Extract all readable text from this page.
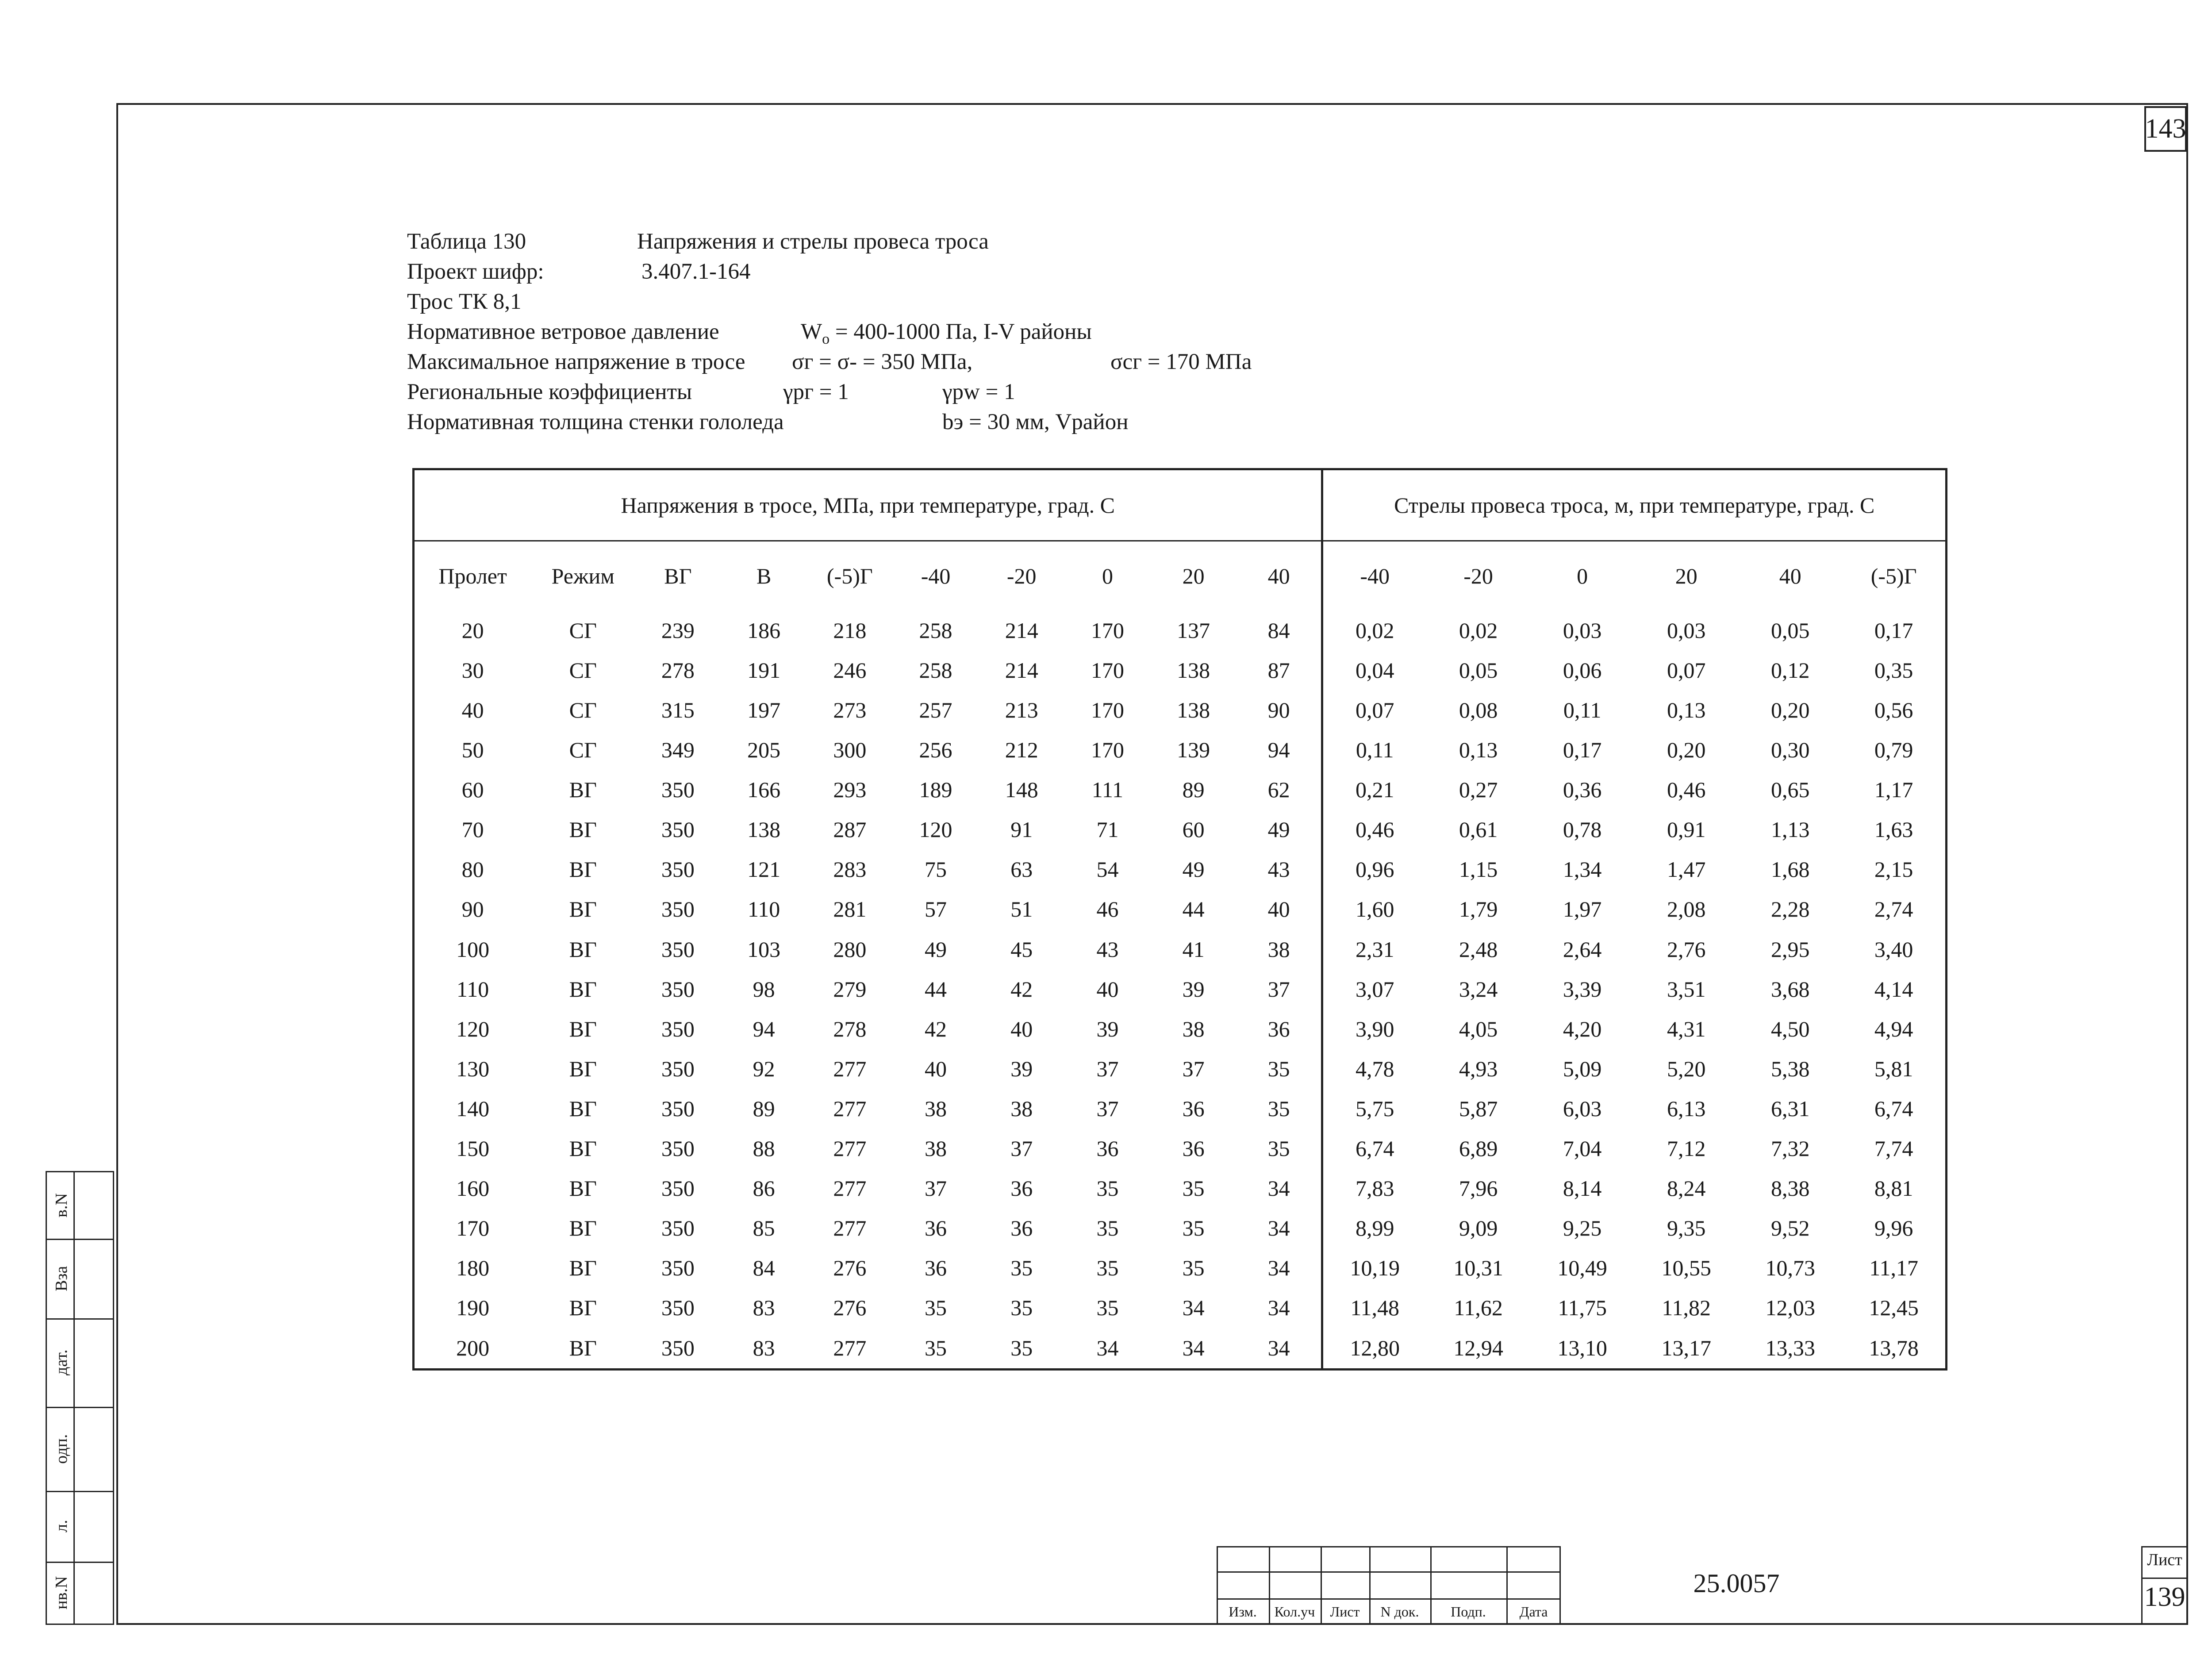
143
Таблица 130	Напряжения и стрелы провеса троса
Проект шифр:	3.407.1-164
Трос ТК 8,1
Нормативное ветровое давление	$W_o = 400-1000$ Па, I-V районы
Максимальное напряжение в тросе σг = σ- = 350 МПа,	σcг = 170 МПа
Региональные коэффициенты	γpг = 1	γpw = 1
Нормативная толщина стенки гололеда	bэ = 30 мм, Vрайон
Напряжения в тросе, МПа, при температуре, град. С										Стрелы провеса троса, м, при температуре, град. С					
Пролет	Режим	ВГ	В	(-5)Г	-40	-20	0	20	40	-40	-20	0	20	40	(-5)Г
20	СГ	239	186	218	258	214	170	137	84	0,02	0,02	0,03	0,03	0,05	0,17
30	СГ	278	191	246	258	214	170	138	87	0,04	0,05	0,06	0,07	0,12	0,35
40	СГ	315	197	273	257	213	170	138	90	0,07	0,08	0,11	0,13	0,20	0,56
50	СГ	349	205	300	256	212	170	139	94	0,11	0,13	0,17	0,20	0,30	0,79
60	ВГ	350	166	293	189	148	111	89	62	0,21	0,27	0,36	0,46	0,65	1,17
70	ВГ	350	138	287	120	91	71	60	49	0,46	0,61	0,78	0,91	1,13	1,63
80	ВГ	350	121	283	75	63	54	49	43	0,96	1,15	1,34	1,47	1,68	2,15
90	ВГ	350	110	281	57	51	46	44	40	1,60	1,79	1,97	2,08	2,28	2,74
100	ВГ	350	103	280	49	45	43	41	38	2,31	2,48	2,64	2,76	2,95	3,40
110	ВГ	350	98	279	44	42	40	39	37	3,07	3,24	3,39	3,51	3,68	4,14
120	ВГ	350	94	278	42	40	39	38	36	3,90	4,05	4,20	4,31	4,50	4,94
130	ВГ	350	92	277	40	39	37	37	35	4,78	4,93	5,09	5,20	5,38	5,81
140	ВГ	350	89	277	38	38	37	36	35	5,75	5,87	6,03	6,13	6,31	6,74
150	ВГ	350	88	277	38	37	36	36	35	6,74	6,89	7,04	7,12	7,32	7,74
160	ВГ	350	86	277	37	36	35	35	34	7,83	7,96	8,14	8,24	8,38	8,81
170	ВГ	350	85	277	36	36	35	35	34	8,99	9,09	9,25	9,35	9,52	9,96
180	ВГ	350	84	276	36	35	35	35	34	10,19	10,31	10,49	10,55	10,73	11,17
190	ВГ	350	83	276	35	35	35	34	34	11,48	11,62	11,75	11,82	12,03	12,45
200	ВГ	350	83	277	35	35	34	34	34	12,80	12,94	13,10	13,17	13,33	13,78
в.N
Вза
дат.
одп.
л.
нв.N
Изм.	Кол.уч	Лист	N док.	Подп.	Дата
25.0057
Лист
139
